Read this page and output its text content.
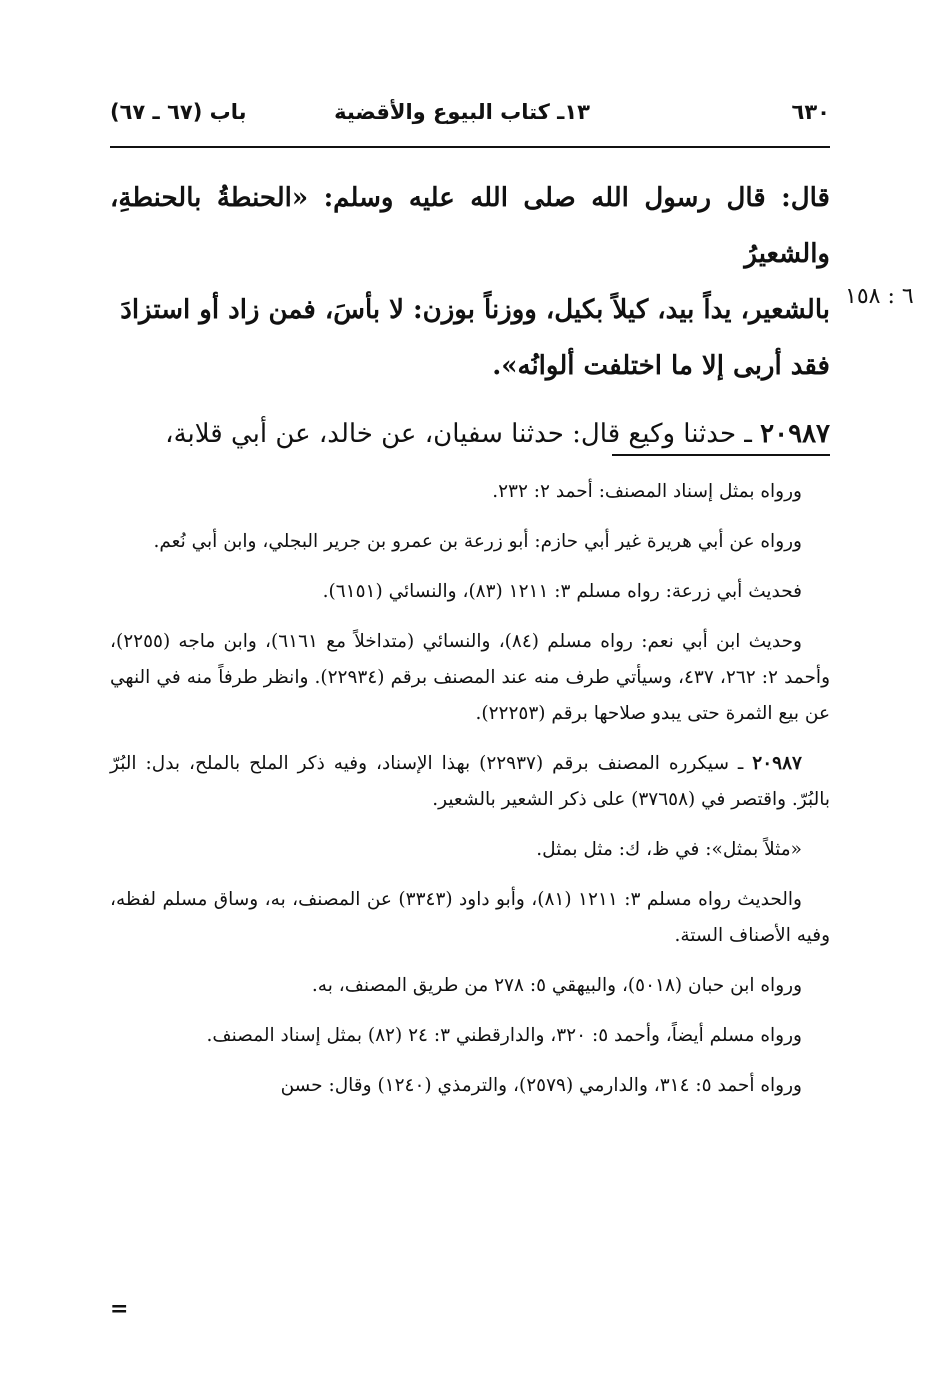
٦٣٠
١٣ـ كتاب البيوع والأقضية
باب (٦٧ ـ ٦٧)

قال: قال رسول الله صلى الله عليه وسلم: «الحنطةُ بالحنطةِ، والشعيرُ

بالشعير، يداً بيد، كيلاً بكيل، ووزناً بوزن: لا بأسَ، فمن زاد أو استزادَ

فقد أربى إلا ما اختلفت ألوانُه».

٢٠٩٨٧ ـ حدثنا وكيع قال: حدثنا سفيان، عن خالد، عن أبي قلابة،

٦ : ١٥٨

ورواه بمثل إسناد المصنف: أحمد ٢: ٢٣٢.

ورواه عن أبي هريرة غير أبي حازم: أبو زرعة بن عمرو بن جرير البجلي، وابن أبي نُعم.

فحديث أبي زرعة: رواه مسلم ٣: ١٢١١ (٨٣)، والنسائي (٦١٥١).

وحديث ابن أبي نعم: رواه مسلم (٨٤)، والنسائي (متداخلاً مع ٦١٦١)، وابن ماجه (٢٢٥٥)، وأحمد ٢: ٢٦٢، ٤٣٧، وسيأتي طرف منه عند المصنف برقم (٢٢٩٣٤). وانظر طرفاً منه في النهي عن بيع الثمرة حتى يبدو صلاحها برقم (٢٢٢٥٣).

٢٠٩٨٧ ـ سيكرره المصنف برقم (٢٢٩٣٧) بهذا الإسناد، وفيه ذكر الملح بالملح، بدل: البُرّ بالبُرّ. واقتصر في (٣٧٦٥٨) على ذكر الشعير بالشعير.

«مثلاً بمثل»: في ظ، ك: مثل بمثل.

والحديث رواه مسلم ٣: ١٢١١ (٨١)، وأبو داود (٣٣٤٣) عن المصنف، به، وساق مسلم لفظه، وفيه الأصناف الستة.

ورواه ابن حبان (٥٠١٨)، والبيهقي ٥: ٢٧٨ من طريق المصنف، به.

ورواه مسلم أيضاً، وأحمد ٥: ٣٢٠، والدارقطني ٣: ٢٤ (٨٢) بمثل إسناد المصنف.

ورواه أحمد ٥: ٣١٤، والدارمي (٢٥٧٩)، والترمذي (١٢٤٠) وقال: حسن

=
